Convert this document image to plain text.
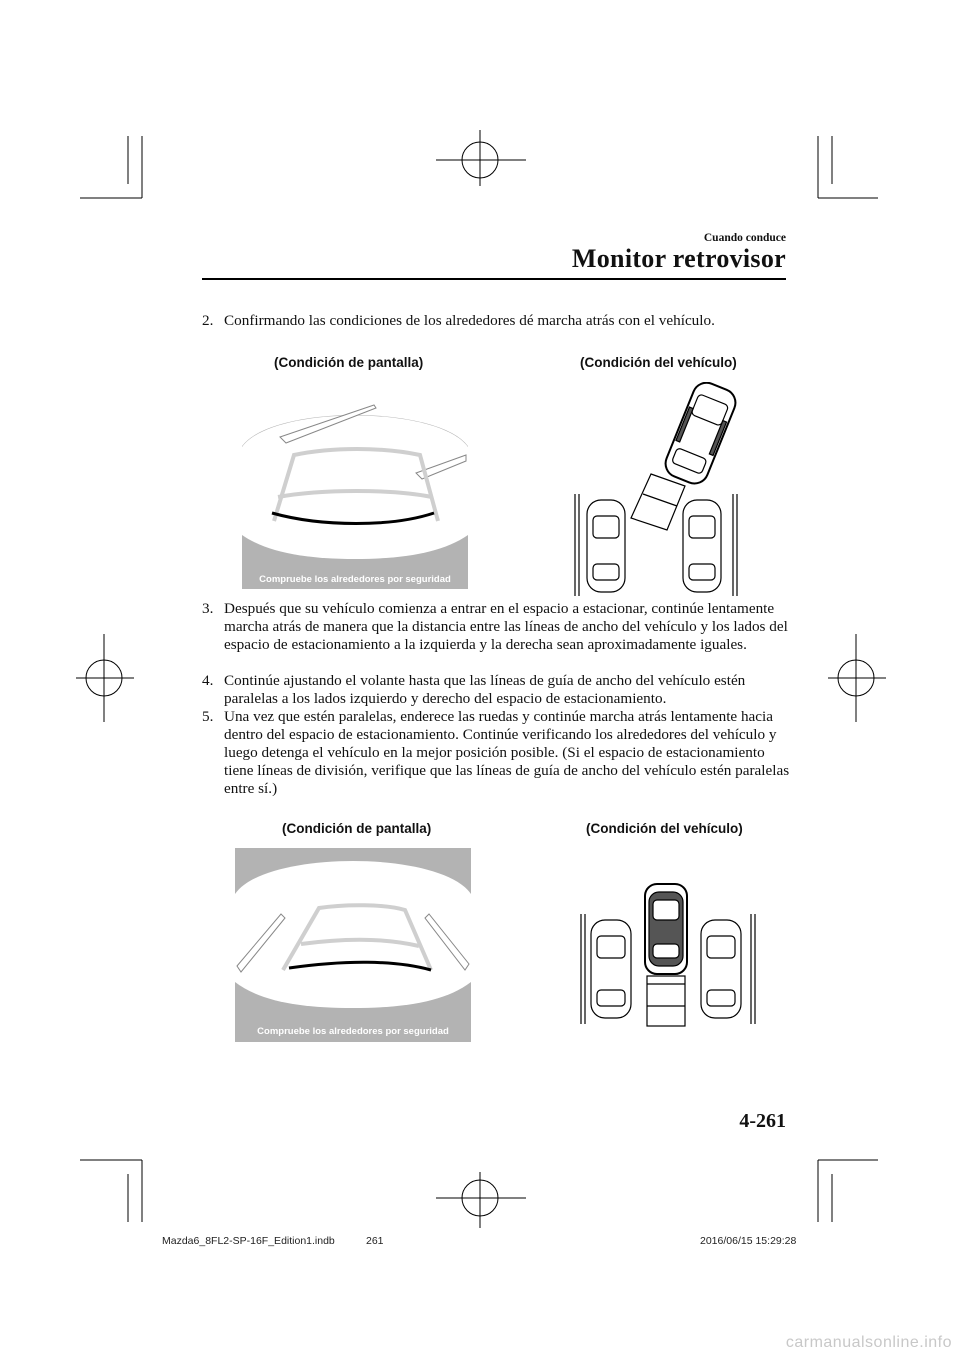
Cuando conduce
Monitor retrovisor
2. Confirmando las condiciones de los alrededores dé marcha atrás con el vehículo.
(Condición de pantalla)	(Condición del vehículo)
Compruebe los alrededores por seguridad
3. Después que su vehículo comienza a entrar en el espacio a estacionar, continúe lentamente marcha atrás de manera que la distancia entre las líneas de ancho del vehículo y los lados del espacio de estacionamiento a la izquierda y la derecha sean aproximadamente iguales.
4. Continúe ajustando el volante hasta que las líneas de guía de ancho del vehículo estén paralelas a los lados izquierdo y derecho del espacio de estacionamiento.
5. Una vez que estén paralelas, enderece las ruedas y continúe marcha atrás lentamente hacia dentro del espacio de estacionamiento. Continúe verificando los alrededores del vehículo y luego detenga el vehículo en la mejor posición posible. (Si el espacio de estacionamiento tiene líneas de división, verifique que las líneas de guía de ancho del vehículo estén paralelas entre sí.)
(Condición de pantalla)	(Condición del vehículo)
Compruebe los alrededores por seguridad
4-261
Mazda6_8FL2-SP-16F_Edition1.indb	261	2016/06/15 15:29:28
carmanualsonline.info
